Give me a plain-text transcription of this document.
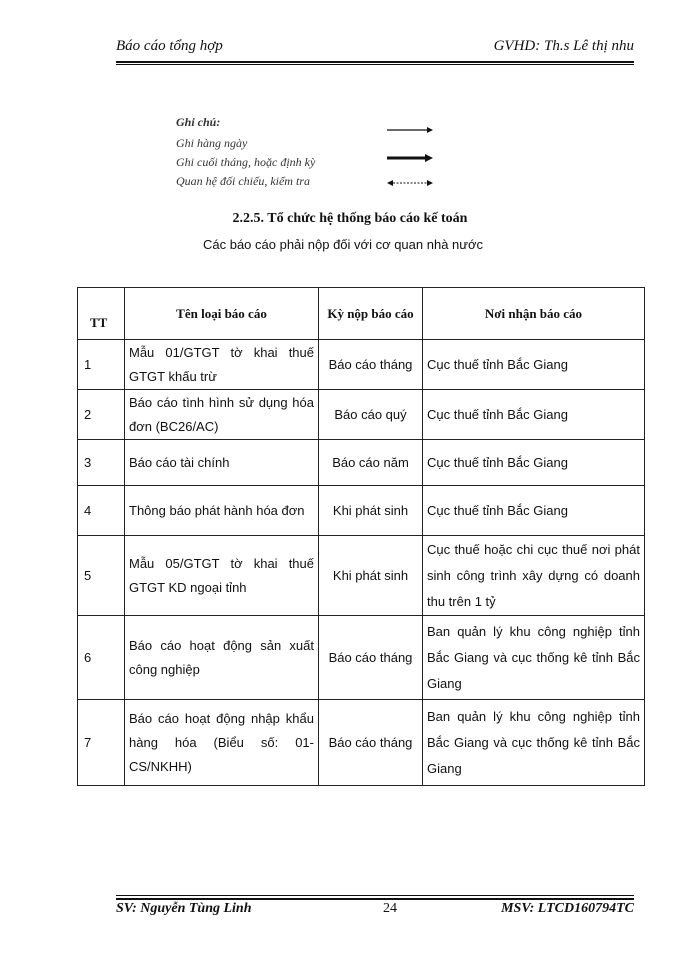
Báo cáo tổng hợp	GVHD: Th.s Lê thị nhu
Ghi chú:
Ghi hàng ngày
Ghi cuối tháng, hoặc định kỳ
Quan hệ đối chiếu, kiểm tra
2.2.5. Tổ chức hệ thống báo cáo kế toán
Các báo cáo phải nộp đối với cơ quan nhà nước
TT	Tên loại báo cáo	Kỳ nộp báo cáo	Nơi nhận báo cáo
1	Mẫu 01/GTGT tờ khai thuế GTGT khấu trừ	Báo cáo tháng	Cục thuế tỉnh Bắc Giang
2	Báo cáo tình hình sử dụng hóa đơn (BC26/AC)	Báo cáo quý	Cục thuế tỉnh Bắc Giang
3	Báo cáo tài chính	Báo cáo năm	Cục thuế tỉnh Bắc Giang
4	Thông báo phát hành hóa đơn	Khi phát sinh	Cục thuế tỉnh Bắc Giang
5	Mẫu 05/GTGT tờ khai thuế GTGT KD ngoại tỉnh	Khi phát sinh	Cục thuế hoặc chi cục thuế nơi phát sinh công trình xây dựng có doanh thu trên 1 tỷ
6	Báo cáo hoạt động sản xuất công nghiệp	Báo cáo tháng	Ban quản lý khu công nghiệp tỉnh Bắc Giang và cục thống kê tỉnh Bắc Giang
7	Báo cáo hoạt động nhập khẩu hàng hóa (Biểu số: 01-CS/NKHH)	Báo cáo tháng	Ban quản lý khu công nghiệp tỉnh Bắc Giang và cục thống kê tỉnh Bắc Giang
SV: Nguyễn Tùng Linh	24	MSV: LTCD160794TC
